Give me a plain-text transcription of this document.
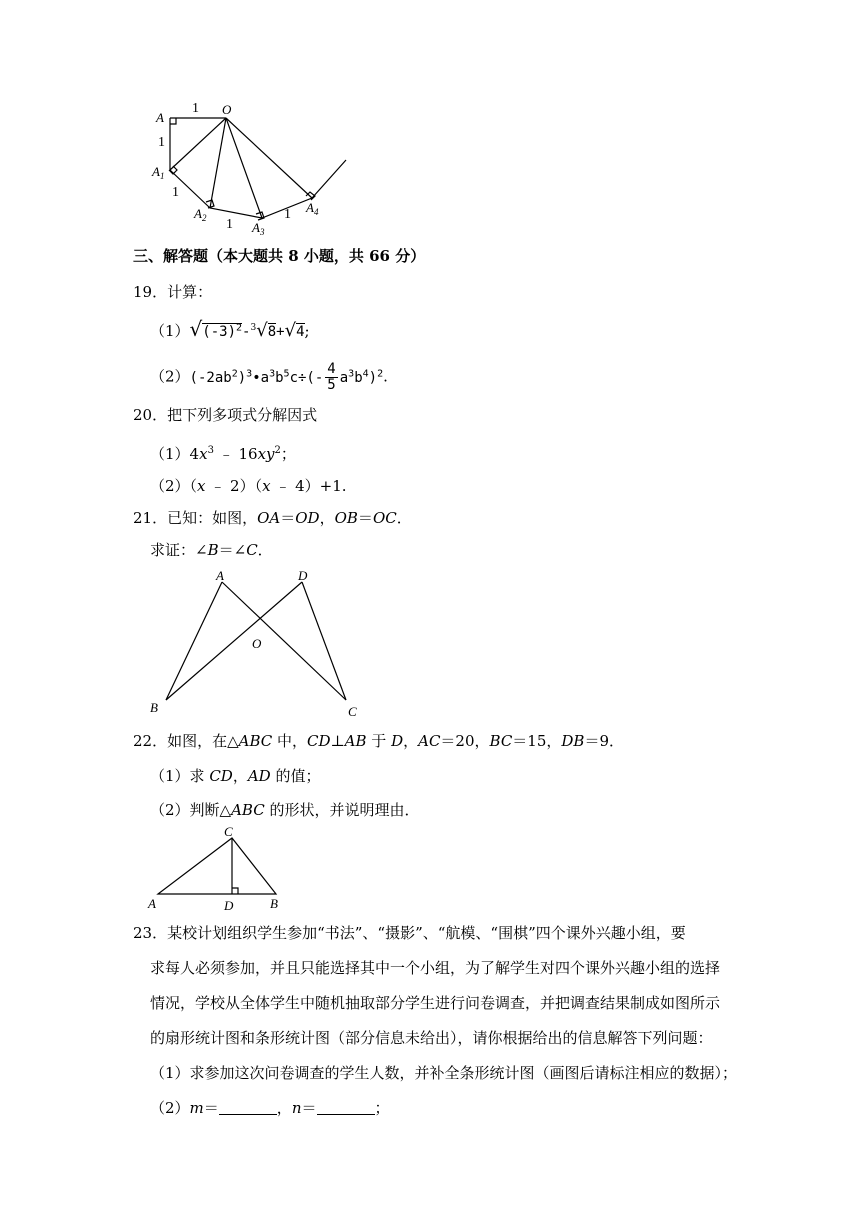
A
O
1
1
$A_1$
1
$A_2$ 1 $A_3$
1 $A_4$
三、解答题（本大题共 8 小题，共 66 分）
19．计算：
$(1)√(-3)^2-^3√8+√4$;
$(2)(-2ab^2)^3•a^3b^5c\div(- \frac{4}{5} a^3b^4)^2$.
20．把下列多项式分解因式
$(1)4x^3$ ﹣ $16xy^2$；
（2）（x ﹣ 2）（x ﹣ 4）+1.
21．已知：如图，OA＝OD，OB＝OC．
求证：∠B＝∠C．
A	D
O
B	C
22．如图，在△ABC 中，CD⊥AB 于 D，AC＝20，BC＝15，DB＝9．
（1）求 CD，AD 的值；
（2）判断△ABC 的形状，并说明理由．
C
A	D	B
23．某校计划组织学生参加“书法”、“摄影”、“航模、“围棋”四个课外兴趣小组，要
求每人必须参加，并且只能选择其中一个小组，为了解学生对四个课外兴趣小组的选择
情况，学校从全体学生中随机抽取部分学生进行问卷调查，并把调查结果制成如图所示
的扇形统计图和条形统计图（部分信息未给出），请你根据给出的信息解答下列问题：
（1）求参加这次问卷调查的学生人数，并补全条形统计图（画图后请标注相应的数据）；
（2）m＝	，n＝	；
